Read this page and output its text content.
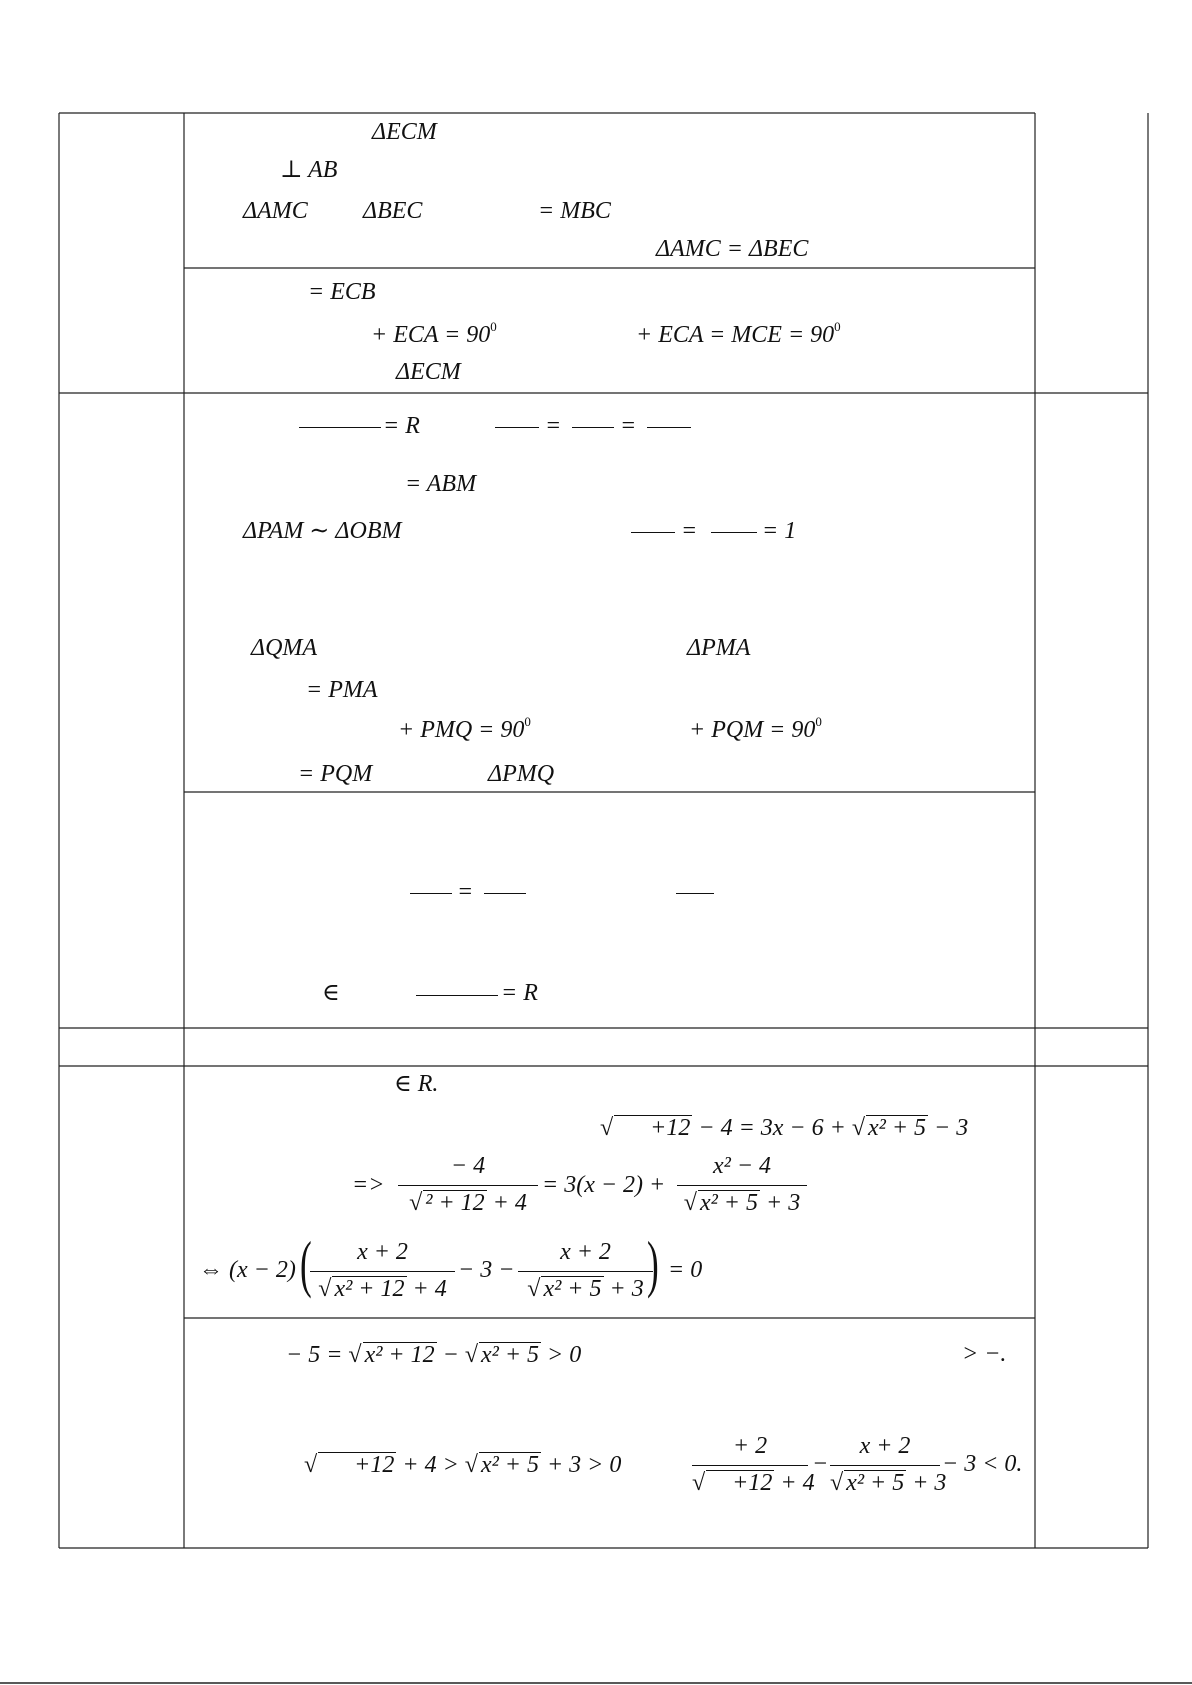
ΔECM
⊥ AB
ΔAMC ΔBEC	= MBC
ΔAMC = ΔBEC
= ECB
+ ECA = $90^0$	+ ECA = MCE = $90^0$
ΔECM
= R	= =
= ABM
ΔPAM ∼ ΔOBM	=	= 1
ΔQMA	ΔPMA
= PMA
+ PMQ = $90^0$	+ PQM = $90^0$
= PQM	ΔPMQ
=
∈	= R
∈ R.
√ +12 − 4 = 3x − 6 + √ x² + 5 − 3
=>
− 4
√ ² + 12 + 4
= 3(x − 2) +
x² − 4
√ x² + 5 + 3
⇔ (x − 2) (	x + 2
√ x² + 12 + 4
− 3 −
x + 2
√ x² + 5 + 3 ) = 0
− 5 = √ x² + 12 − √ x² + 5 > 0	> −.
√ +12 + 4 > √ x² + 5 + 3 > 0
+ 2
√ +12 + 4
−
x + 2
√ x² + 5 + 3
− 3 < 0.
